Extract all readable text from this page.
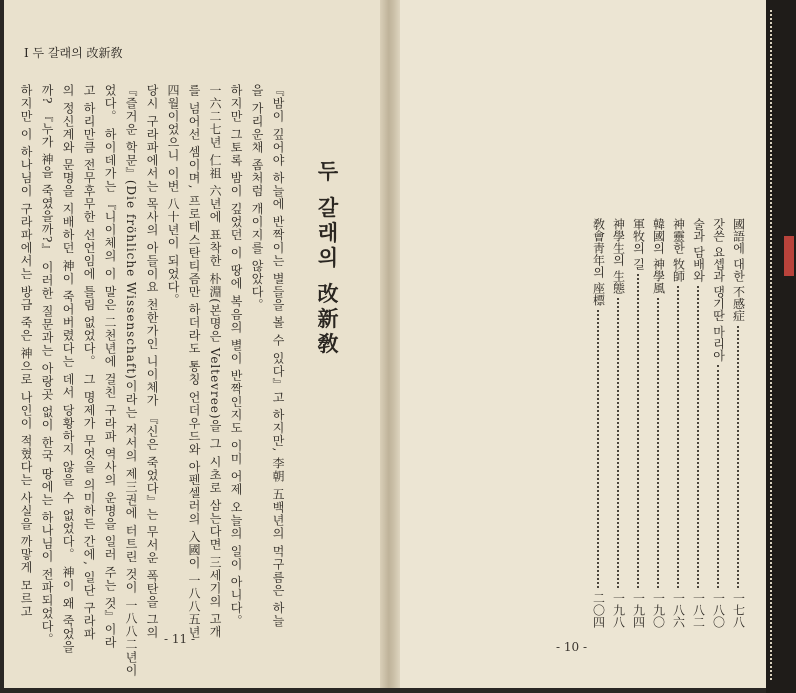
I 두 갈래의 改新敎
두 갈래의 改新敎
『밤이 깊어야 하늘에 반짝이는 별들을 볼 수 있다』고 하지만, 李朝 五백년의 먹구름은 하늘
을 가리운채 좀처럼 개이지를 않았다。
하지만 그토록 밤이 깊었던 이 땅에 복음의 별이 반짝인지도 이미 어제 오늘의 일이 아니다。
一六二七년 仁祖 六년에 표착한 朴淵(본명은 Veltevree)을 그 시초로 삼는다면 三세기의 고개
를 넘어선 셈이며, 프로테스탄티즘만 하더라도 통칭 언더우드와 아펜셀러의 入國이 一八八五년
四월이었으니 이번 八十년이 되었다。
당시 구라파에서는 목사의 아들이요 천한가인 니이체가 『신은 죽었다』는 무서운 폭탄을 그의
『즐거운 학문』(Die fröhliche Wissenschaft)이라는 저서의 제三권에 터트린 것이 一八八二년이
었다。 하이데가는 『니이체의 이 말은 二천년에 걸친 구라파 역사의 운명을 일러 주는 것』이라
고 하리만큼 전무후무한 선언임에 틀림 없었다。 그 명제가 무엇을 의미하든 간에, 일단 구라파
의 정신계와 문명을 지배하던 神이 죽어버렸다는 데서 당황하지 않을 수 없었다。 神이 왜 죽었을
까? 『누가 神을 죽였을까?』 이러한 질문과는 아랑곳 없이 한국 땅에는 하나님이 전파되었다。
하지만 이 하나님이 구라파에서는 방금 죽은 神으로 나인이 적혔다는 사실을 까맣게 모르고
- 11 -
國語에 대한 不感症
一七八
갓쓴 요셉과 댕기딴 마리아
一八〇
술과 담배와
一八二
神靈한 牧師
一八六
韓國의 神學風
一九〇
軍牧의 길
一九四
神學生의 生態
一九八
敎會靑年의 座標
二〇四
- 10 -
